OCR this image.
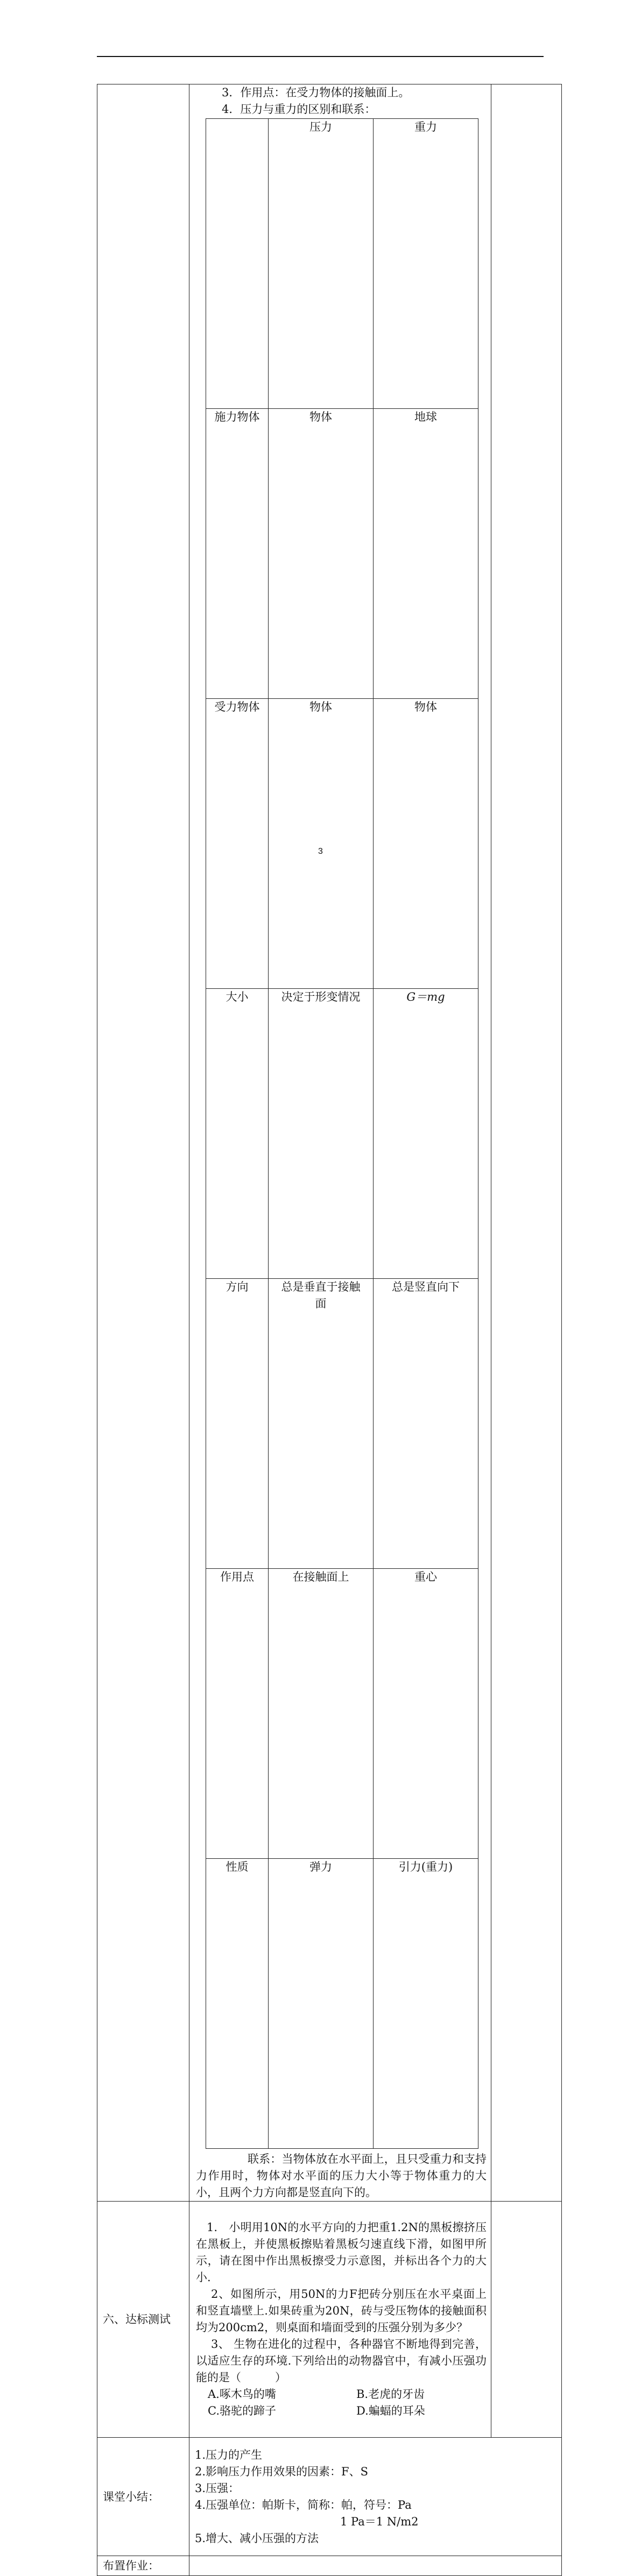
3．作用点：在受力物体的接触面上。
4．压力与重力的区别和联系：
	压力	重力
施力物体	物体	地球
受力物体	物体	物体
大小	决定于形变情况	G＝mg
方向	总是垂直于接触面	总是竖直向下
作用点	在接触面上	重心
性质	弹力	引力(重力)
联系：当物体放在水平面上，且只受重力和支持力作用时，物体对水平面的压力大小等于物体重力的大小，且两个力方向都是竖直向下的。

六、达标测试	
1.　小明用10N的水平方向的力把重1.2N的黑板擦挤压在黑板上，并使黑板擦贴着黑板匀速直线下滑，如图甲所示，请在图中作出黑板擦受力示意图，并标出各个力的大小.
2、如图所示，用50N的力F把砖分别压在水平桌面上和竖直墙壁上.如果砖重为20N，砖与受压物体的接触面积均为200cm2，则桌面和墙面受到的压强分别为多少？
3、 生物在进化的过程中，各种器官不断地得到完善，以适应生存的环境.下列给出的动物器官中，有减小压强功能的是（　　　）
A.啄木鸟的嘴	B.老虎的牙齿
C.骆驼的蹄子	D.蝙蝠的耳朵

课堂小结：	
1.压力的产生
2.影响压力作用效果的因素：F、S
3.压强：
4.压强单位：帕斯卡，简称：帕，符号：Pa
1 Pa＝1 N/m2
5.增大、减小压强的方法

布置作业：	
3
